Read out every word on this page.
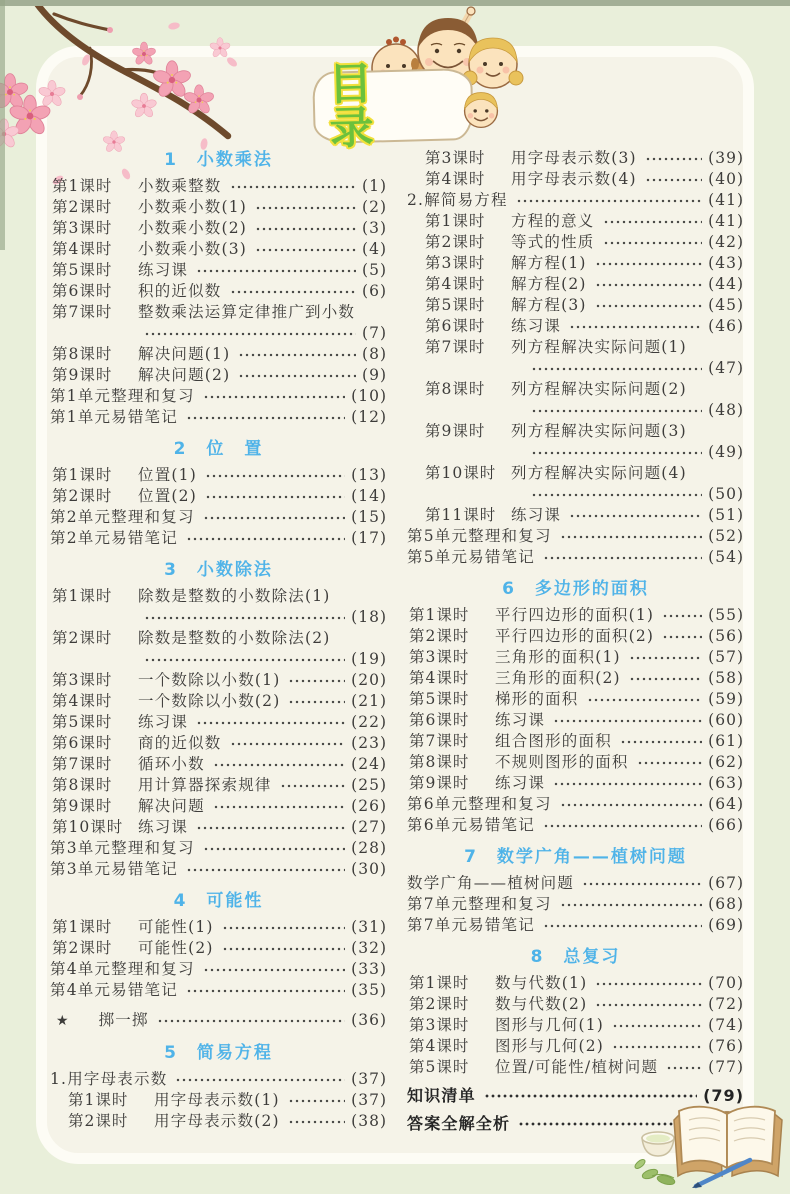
目 录
1　小数乘法
第1课时	小数乘整数	(1)
第2课时	小数乘小数(1)	(2)
第3课时	小数乘小数(2)	(3)
第4课时	小数乘小数(3)	(4)
第5课时	练习课	(5)
第6课时	积的近似数	(6)
第7课时	整数乘法运算定律推广到小数
(7)
第8课时	解决问题(1)	(8)
第9课时	解决问题(2)	(9)
第1单元整理和复习	(10)
第1单元易错笔记	(12)
2　位　置
第1课时	位置(1)	(13)
第2课时	位置(2)	(14)
第2单元整理和复习	(15)
第2单元易错笔记	(17)
3　小数除法
第1课时	除数是整数的小数除法(1)
(18)
第2课时	除数是整数的小数除法(2)
(19)
第3课时	一个数除以小数(1)	(20)
第4课时	一个数除以小数(2)	(21)
第5课时	练习课	(22)
第6课时	商的近似数	(23)
第7课时	循环小数	(24)
第8课时	用计算器探索规律	(25)
第9课时	解决问题	(26)
第10课时 练习课	(27)
第3单元整理和复习	(28)
第3单元易错笔记	(30)
4　可能性
第1课时	可能性(1)	(31)
第2课时	可能性(2)	(32)
第4单元整理和复习	(33)
第4单元易错笔记	(35)
★ 掷一掷	(36)
5　简易方程
1.用字母表示数	(37)
第1课时	用字母表示数(1)	(37)
第2课时	用字母表示数(2)	(38)
第3课时	用字母表示数(3)	(39)
第4课时	用字母表示数(4)	(40)
2.解简易方程	(41)
第1课时	方程的意义	(41)
第2课时	等式的性质	(42)
第3课时	解方程(1)	(43)
第4课时	解方程(2)	(44)
第5课时	解方程(3)	(45)
第6课时	练习课	(46)
第7课时	列方程解决实际问题(1)
(47)
第8课时	列方程解决实际问题(2)
(48)
第9课时	列方程解决实际问题(3)
(49)
第10课时 列方程解决实际问题(4)
(50)
第11课时 练习课	(51)
第5单元整理和复习	(52)
第5单元易错笔记	(54)
6　多边形的面积
第1课时	平行四边形的面积(1)	(55)
第2课时	平行四边形的面积(2)	(56)
第3课时	三角形的面积(1)	(57)
第4课时	三角形的面积(2)	(58)
第5课时	梯形的面积	(59)
第6课时	练习课	(60)
第7课时	组合图形的面积	(61)
第8课时	不规则图形的面积	(62)
第9课时	练习课	(63)
第6单元整理和复习	(64)
第6单元易错笔记	(66)
7　数学广角——植树问题
数学广角——植树问题	(67)
第7单元整理和复习	(68)
第7单元易错笔记	(69)
8　总复习
第1课时	数与代数(1)	(70)
第2课时	数与代数(2)	(72)
第3课时	图形与几何(1)	(74)
第4课时	图形与几何(2)	(76)
第5课时	位置/可能性/植树问题	(77)
知识清单	(79)
答案全解全析
